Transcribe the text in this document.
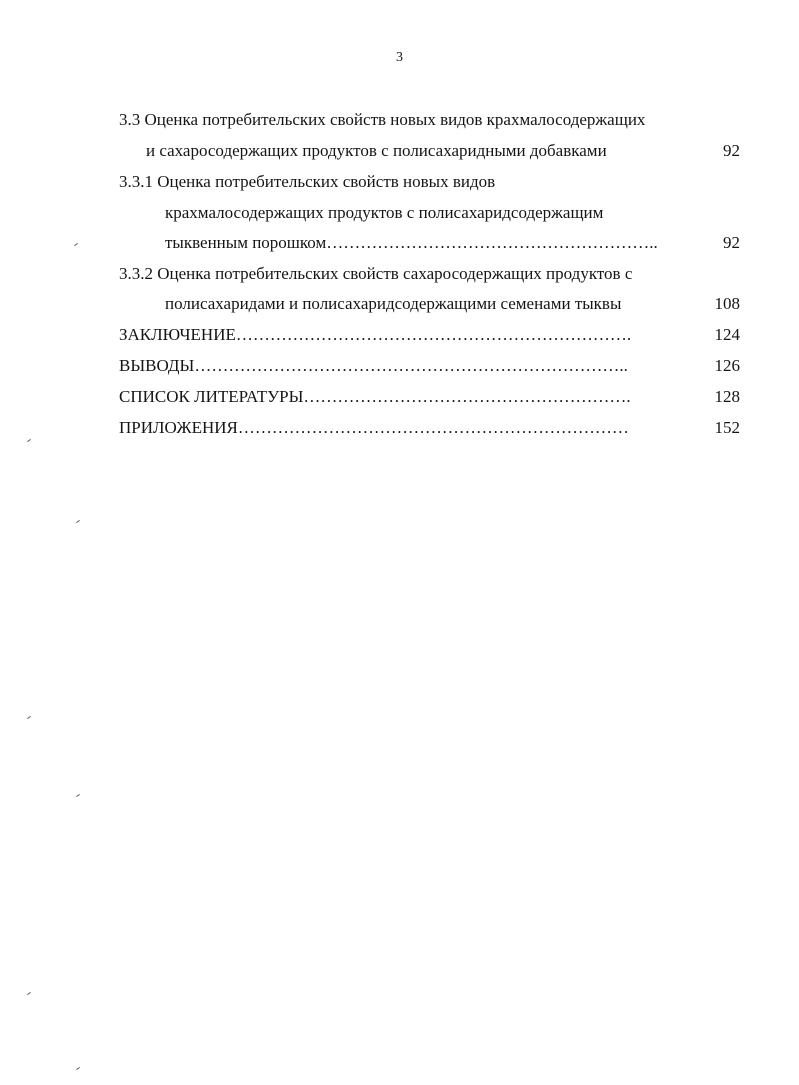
3
3.3 Оценка потребительских свойств новых видов крахмалосодержащих
и сахаросодержащих продуктов с полисахаридными добавками	92
3.3.1 Оценка потребительских свойств новых видов
крахмалосодержащих продуктов с полисахаридсодержащим
тыквенным порошком…………………………………………………..	92
3.3.2 Оценка потребительских свойств сахаросодержащих продуктов с
полисахаридами и полисахаридсодержащими семенами тыквы	108
ЗАКЛЮЧЕНИЕ…………………………………………………………….	124
ВЫВОДЫ…………………………………………………………………..	126
СПИСОК ЛИТЕРАТУРЫ………………………………………………….	128
ПРИЛОЖЕНИЯ……………………………………………………………	152
